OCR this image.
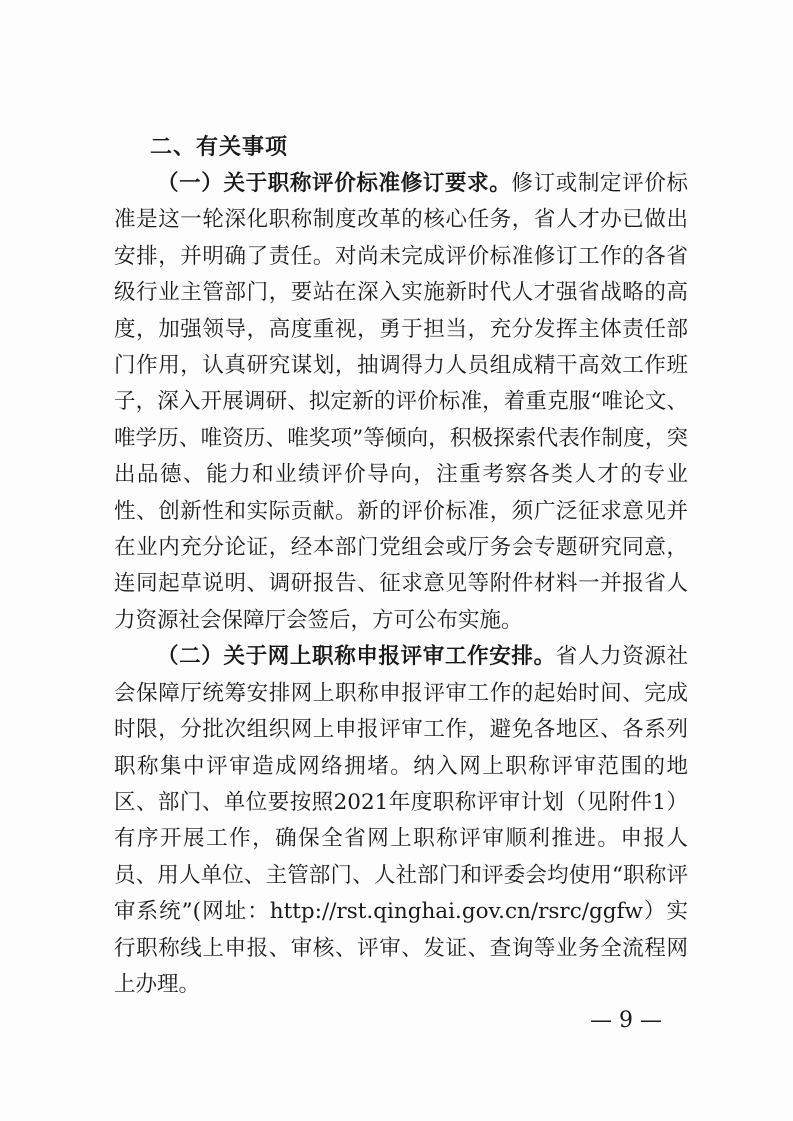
二、有关事项

（一）关于职称评价标准修订要求。修订或制定评价标准是这一轮深化职称制度改革的核心任务，省人才办已做出安排，并明确了责任。对尚未完成评价标准修订工作的各省级行业主管部门，要站在深入实施新时代人才强省战略的高度，加强领导，高度重视，勇于担当，充分发挥主体责任部门作用，认真研究谋划，抽调得力人员组成精干高效工作班子，深入开展调研、拟定新的评价标准，着重克服“唯论文、唯学历、唯资历、唯奖项”等倾向，积极探索代表作制度，突出品德、能力和业绩评价导向，注重考察各类人才的专业性、创新性和实际贡献。新的评价标准，须广泛征求意见并在业内充分论证，经本部门党组会或厅务会专题研究同意，连同起草说明、调研报告、征求意见等附件材料一并报省人力资源社会保障厅会签后，方可公布实施。

（二）关于网上职称申报评审工作安排。省人力资源社会保障厅统筹安排网上职称申报评审工作的起始时间、完成时限，分批次组织网上申报评审工作，避免各地区、各系列职称集中评审造成网络拥堵。纳入网上职称评审范围的地区、部门、单位要按照2021年度职称评审计划（见附件1）有序开展工作，确保全省网上职称评审顺利推进。申报人员、用人单位、主管部门、人社部门和评委会均使用“职称评审系统”(网址：http://rst.qinghai.gov.cn/rsrc/ggfw）实行职称线上申报、审核、评审、发证、查询等业务全流程网上办理。

— 9 —
